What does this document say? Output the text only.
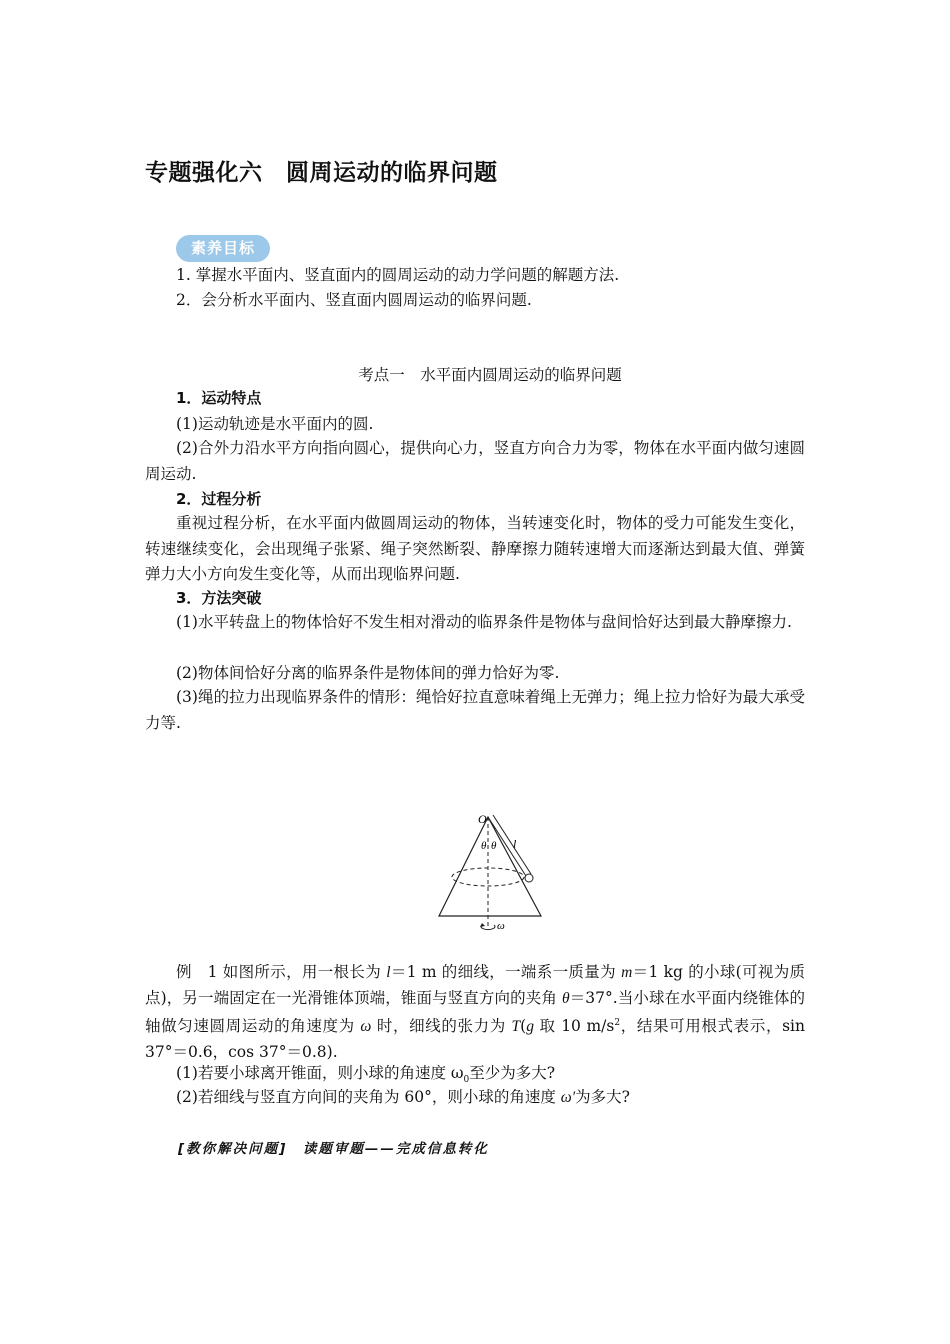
专题强化六　圆周运动的临界问题
素养目标
1. 掌握水平面内、竖直面内的圆周运动的动力学问题的解题方法.
2．会分析水平面内、竖直面内圆周运动的临界问题.
考点一　水平面内圆周运动的临界问题
1．运动特点
(1)运动轨迹是水平面内的圆.
(2)合外力沿水平方向指向圆心，提供向心力，竖直方向合力为零，物体在水平面内做匀速圆周运动.
2．过程分析
重视过程分析，在水平面内做圆周运动的物体，当转速变化时，物体的受力可能发生变化，转速继续变化，会出现绳子张紧、绳子突然断裂、静摩擦力随转速增大而逐渐达到最大值、弹簧弹力大小方向发生变化等，从而出现临界问题.
3．方法突破
(1)水平转盘上的物体恰好不发生相对滑动的临界条件是物体与盘间恰好达到最大静摩擦力.
(2)物体间恰好分离的临界条件是物体间的弹力恰好为零.
(3)绳的拉力出现临界条件的情形：绳恰好拉直意味着绳上无弹力；绳上拉力恰好为最大承受力等.
O
θ θ l
ω
例　1 如图所示，用一根长为 l＝1 m 的细线，一端系一质量为 m＝1 kg 的小球(可视为质点)，另一端固定在一光滑锥体顶端，锥面与竖直方向的夹角 θ＝37°.当小球在水平面内绕锥体的轴做匀速圆周运动的角速度为 ω 时，细线的张力为 T(g 取 10 $m/s^2$，结果可用根式表示，sin 37°＝0.6，cos 37°＝0.8).
(1)若要小球离开锥面，则小球的角速度 $\omega_0$至少为多大?
(2)若细线与竖直方向间的夹角为 60°，则小球的角速度 ω′为多大?
[教你解决问题]　读题审题——完成信息转化
